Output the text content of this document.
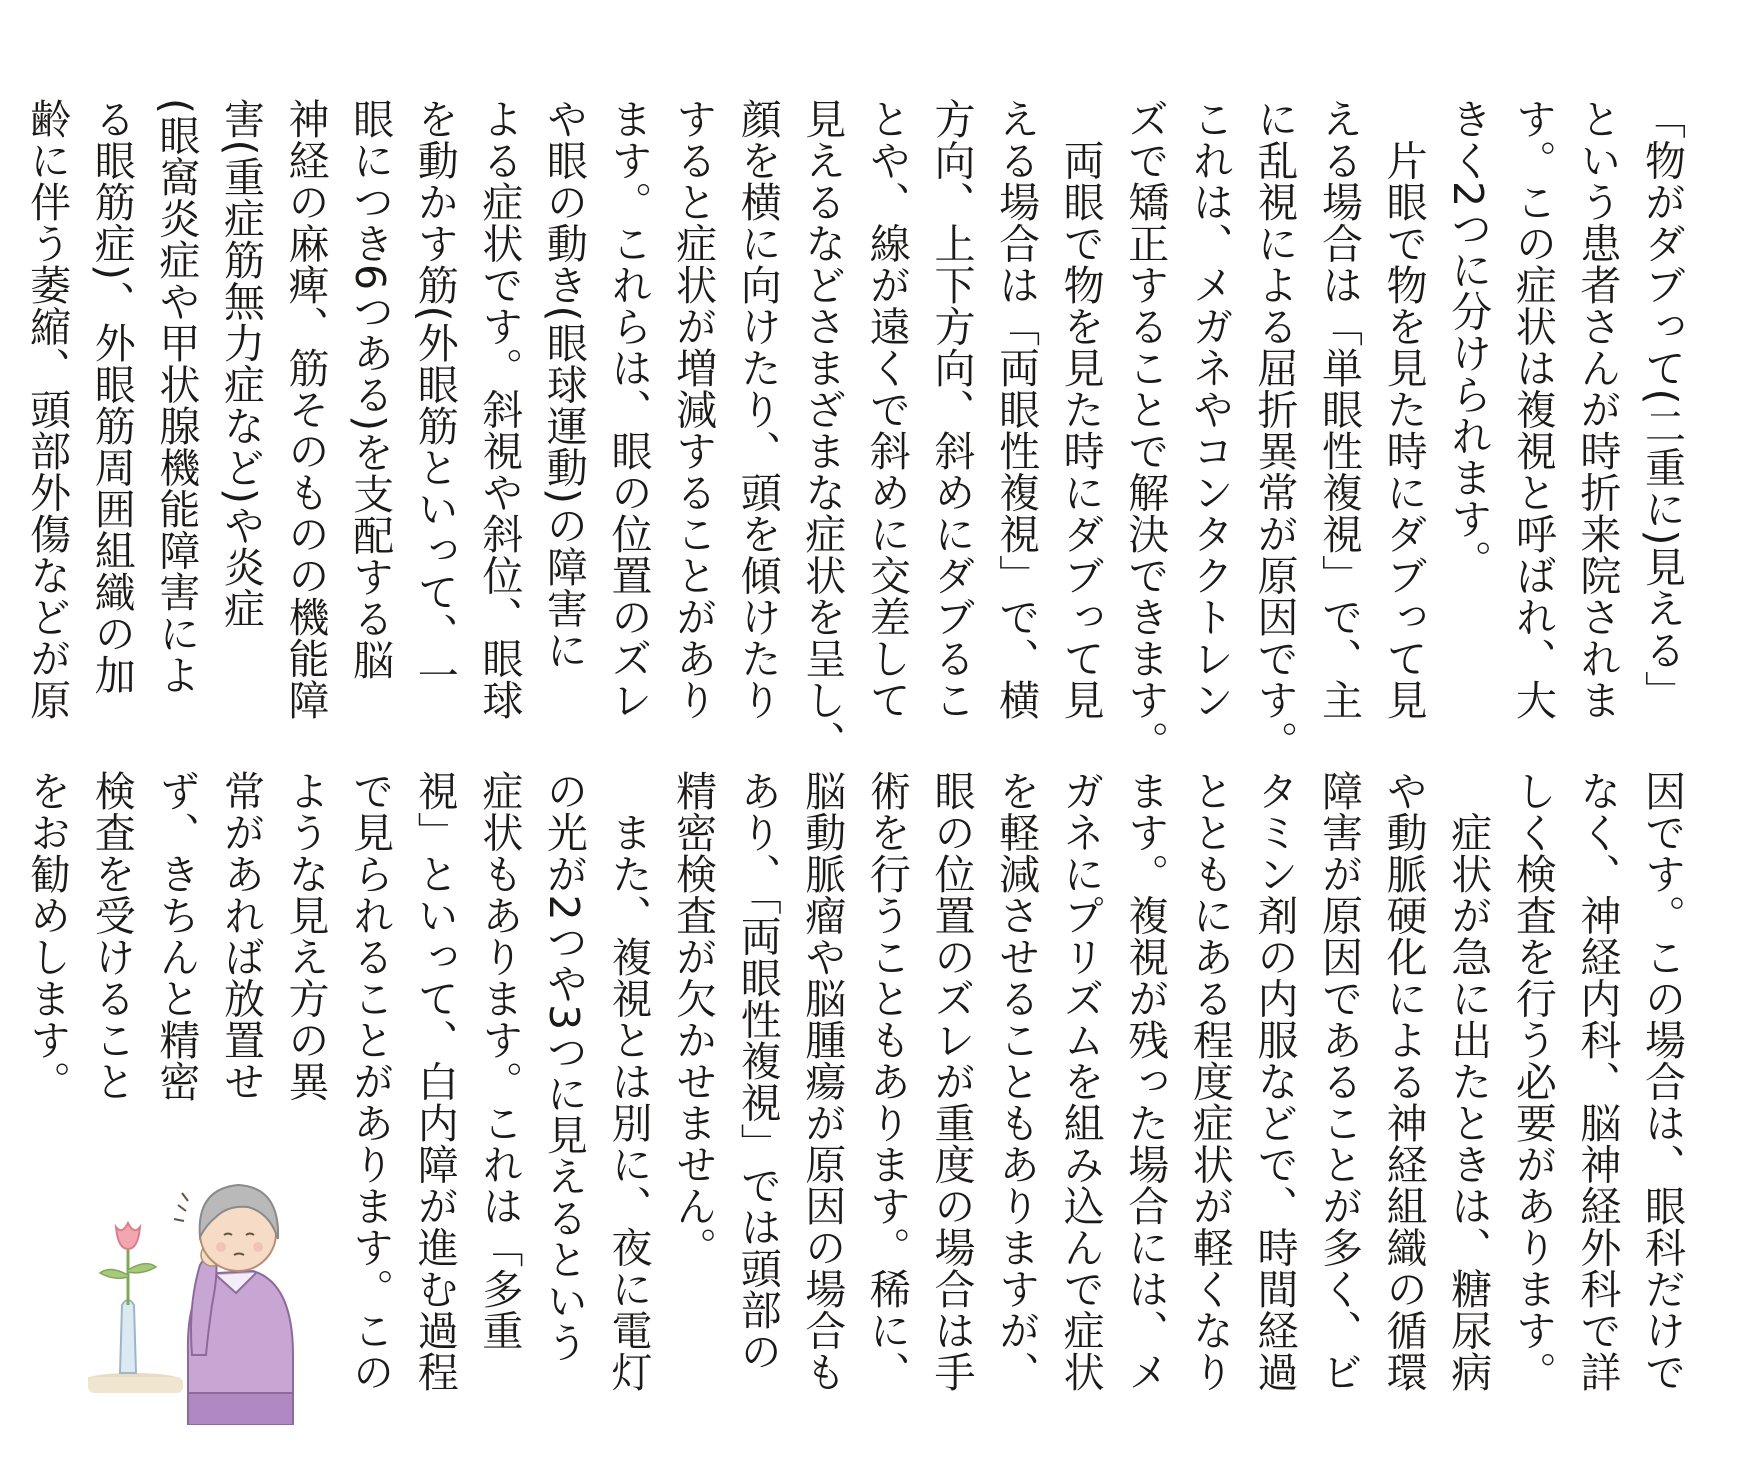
「物がダブって(二重に)見える」
という患者さんが時折来院されま
す。この症状は複視と呼ばれ、大
きく2つに分けられます。
　片眼で物を見た時にダブって見
える場合は「単眼性複視」で、主
に乱視による屈折異常が原因です。
これは、メガネやコンタクトレン
ズで矯正することで解決できます。
　両眼で物を見た時にダブって見
える場合は「両眼性複視」で、横
方向、上下方向、斜めにダブるこ
とや、線が遠くで斜めに交差して
見えるなどさまざまな症状を呈し、
顔を横に向けたり、頭を傾けたり
すると症状が増減することがあり
ます。これらは、眼の位置のズレ
や眼の動き(眼球運動)の障害に
よる症状です。斜視や斜位、眼球
を動かす筋(外眼筋といって、一
眼につき6つある)を支配する脳
神経の麻痺、筋そのものの機能障
害(重症筋無力症など)や炎症
(眼窩炎症や甲状腺機能障害によ
る眼筋症)、外眼筋周囲組織の加
齢に伴う萎縮、頭部外傷などが原
因です。この場合は、眼科だけで
なく、神経内科、脳神経外科で詳
しく検査を行う必要があります。
　症状が急に出たときは、糖尿病
や動脈硬化による神経組織の循環
障害が原因であることが多く、ビ
タミン剤の内服などで、時間経過
とともにある程度症状が軽くなり
ます。複視が残った場合には、メ
ガネにプリズムを組み込んで症状
を軽減させることもありますが、
眼の位置のズレが重度の場合は手
術を行うこともあります。稀に、
脳動脈瘤や脳腫瘍が原因の場合も
あり、「両眼性複視」では頭部の
精密検査が欠かせません。
　また、複視とは別に、夜に電灯
の光が2つや3つに見えるという
症状もあります。これは「多重
視」といって、白内障が進む過程
で見られることがあります。この
ような見え方の異
常があれば放置せ
ず、きちんと精密
検査を受けること
をお勧めします。
